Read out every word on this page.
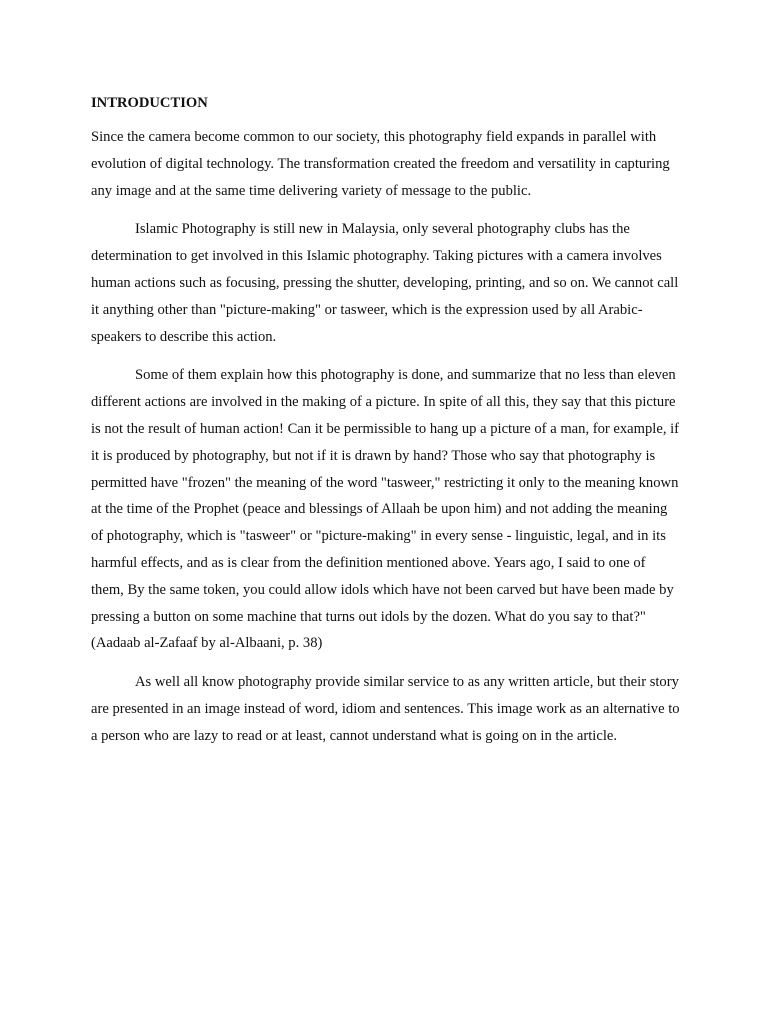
INTRODUCTION

Since the camera become common to our society, this photography field expands in parallel with evolution of digital technology. The transformation created the freedom and versatility in capturing any image and at the same time delivering variety of message to the public.

Islamic Photography is still new in Malaysia, only several photography clubs has the determination to get involved in this Islamic photography. Taking pictures with a camera involves human actions such as focusing, pressing the shutter, developing, printing, and so on. We cannot call it anything other than "picture-making" or tasweer, which is the expression used by all Arabic-speakers to describe this action.

Some of them explain how this photography is done, and summarize that no less than eleven different actions are involved in the making of a picture. In spite of all this, they say that this picture is not the result of human action! Can it be permissible to hang up a picture of a man, for example, if it is produced by photography, but not if it is drawn by hand? Those who say that photography is permitted have "frozen" the meaning of the word "tasweer," restricting it only to the meaning known at the time of the Prophet (peace and blessings of Allaah be upon him) and not adding the meaning of photography, which is "tasweer" or "picture-making" in every sense - linguistic, legal, and in its harmful effects, and as is clear from the definition mentioned above. Years ago, I said to one of them, By the same token, you could allow idols which have not been carved but have been made by pressing a button on some machine that turns out idols by the dozen. What do you say to that?" (Aadaab al-Zafaaf by al-Albaani, p. 38)

As well all know photography provide similar service to as any written article, but their story are presented in an image instead of word, idiom and sentences. This image work as an alternative to a person who are lazy to read or at least, cannot understand what is going on in the article.
